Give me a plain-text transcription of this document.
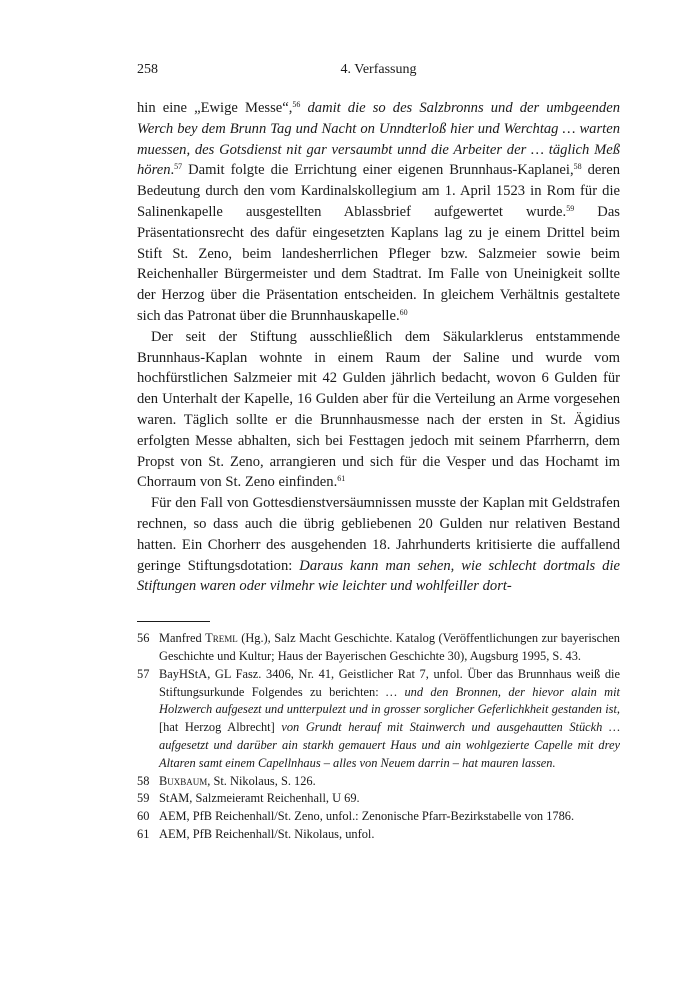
258	4. Verfassung

hin eine „Ewige Messe“,$^{56}$ damit die so des Salzbronns und der umbgeenden Werch bey dem Brunn Tag und Nacht on Unndterloß hier und Werchtag … warten muessen, des Gotsdienst nit gar versaumbt unnd die Arbeiter der … täglich Meß hören.$^{57}$ Damit folgte die Errichtung einer eigenen Brunnhaus-Kaplanei,$^{58}$ deren Bedeutung durch den vom Kardinalskollegium am 1. April 1523 in Rom für die Salinenkapelle ausgestellten Ablassbrief aufgewertet wurde.$^{59}$ Das Präsentationsrecht des dafür eingesetzten Kaplans lag zu je einem Drittel beim Stift St. Zeno, beim landesherrlichen Pfleger bzw. Salzmeier sowie beim Reichenhaller Bürgermeister und dem Stadtrat. Im Falle von Uneinigkeit sollte der Herzog über die Präsentation entscheiden. In gleichem Verhältnis gestaltete sich das Patronat über die Brunnhauskapelle.$^{60}$

Der seit der Stiftung ausschließlich dem Säkularklerus entstammende Brunnhaus-Kaplan wohnte in einem Raum der Saline und wurde vom hochfürstlichen Salzmeier mit 42 Gulden jährlich bedacht, wovon 6 Gulden für den Unterhalt der Kapelle, 16 Gulden aber für die Verteilung an Arme vorgesehen waren. Täglich sollte er die Brunnhausmesse nach der ersten in St. Ägidius erfolgten Messe abhalten, sich bei Festtagen jedoch mit seinem Pfarrherrn, dem Propst von St. Zeno, arrangieren und sich für die Vesper und das Hochamt im Chorraum von St. Zeno einfinden.$^{61}$

Für den Fall von Gottesdienstversäumnissen musste der Kaplan mit Geldstrafen rechnen, so dass auch die übrig gebliebenen 20 Gulden nur relativen Bestand hatten. Ein Chorherr des ausgehenden 18. Jahrhunderts kritisierte die auffallend geringe Stiftungsdotation: Daraus kann man sehen, wie schlecht dortmals die Stiftungen waren oder vilmehr wie leichter und wohlfeiller dort-

56 Manfred Treml (Hg.), Salz Macht Geschichte. Katalog (Veröffentlichungen zur bayerischen Geschichte und Kultur; Haus der Bayerischen Geschichte 30), Augsburg 1995, S. 43.
57 BayHStA, GL Fasz. 3406, Nr. 41, Geistlicher Rat 7, unfol. Über das Brunnhaus weiß die Stiftungsurkunde Folgendes zu berichten: … und den Bronnen, der hievor alain mit Holzwerch aufgesezt und untterpulezt und in grosser sorglicher Geferlichkheit gestanden ist, [hat Herzog Albrecht] von Grundt herauf mit Stainwerch und ausgehautten Stückh … aufgesetzt und darüber ain starkh gemauert Haus und ain wohlgezierte Capelle mit drey Altaren samt einem Capellnhaus – alles von Neuem darrin – hat mauren lassen.
58 Buxbaum, St. Nikolaus, S. 126.
59 StAM, Salzmeieramt Reichenhall, U 69.
60 AEM, PfB Reichenhall/St. Zeno, unfol.: Zenonische Pfarr-Bezirkstabelle von 1786.
61 AEM, PfB Reichenhall/St. Nikolaus, unfol.
